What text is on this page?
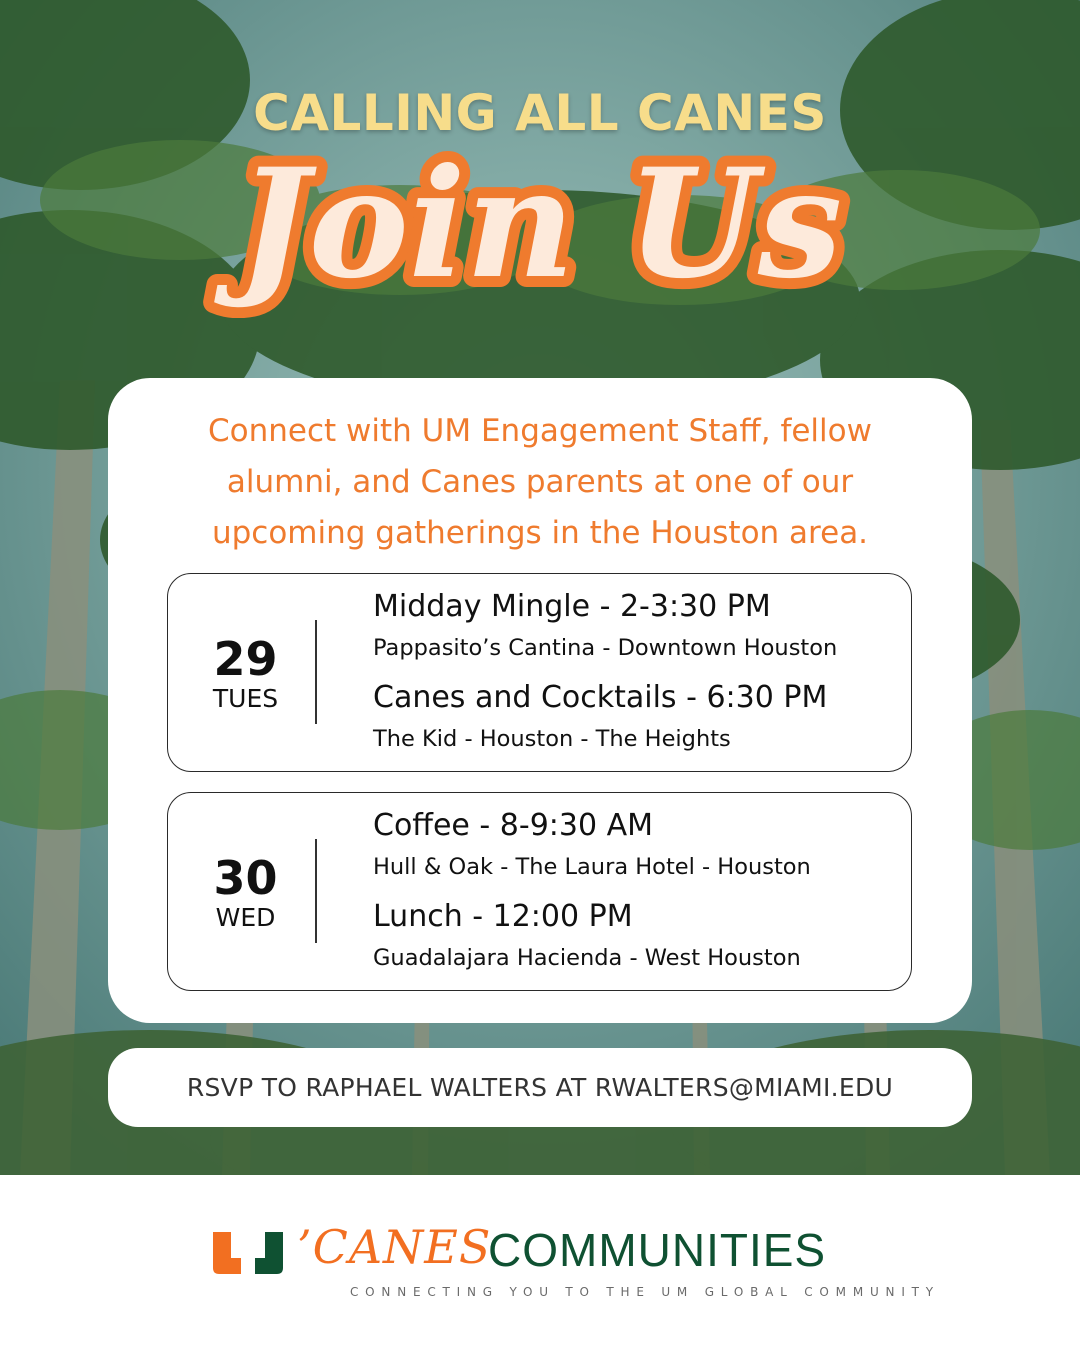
CALLING ALL CANES
Join Us
Connect with UM Engagement Staff, fellow alumni, and Canes parents at one of our upcoming gatherings in the Houston area.
29
TUES
Midday Mingle - 2-3:30 PM
Pappasito’s Cantina - Downtown Houston
Canes and Cocktails - 6:30 PM
The Kid - Houston - The Heights
30
WED
Coffee - 8-9:30 AM
Hull & Oak - The Laura Hotel - Houston
Lunch - 12:00 PM
Guadalajara Hacienda - West Houston
RSVP TO RAPHAEL WALTERS AT RWALTERS@MIAMI.EDU
’CANES
COMMUNITIES
CONNECTING YOU TO THE UM GLOBAL COMMUNITY
